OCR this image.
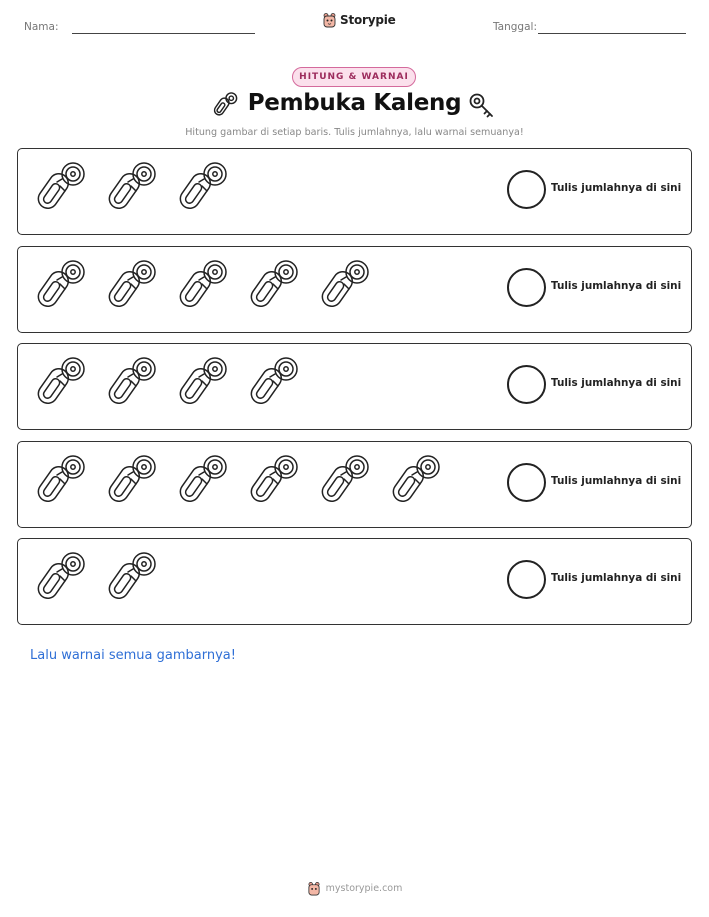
Nama:	Storypie	Tanggal:
HITUNG & WARNAI
Pembuka Kaleng
Hitung gambar di setiap baris. Tulis jumlahnya, lalu warnai semuanya!
Tulis jumlahnya di sini
Tulis jumlahnya di sini
Tulis jumlahnya di sini
Tulis jumlahnya di sini
Tulis jumlahnya di sini
Lalu warnai semua gambarnya!
mystorypie.com
